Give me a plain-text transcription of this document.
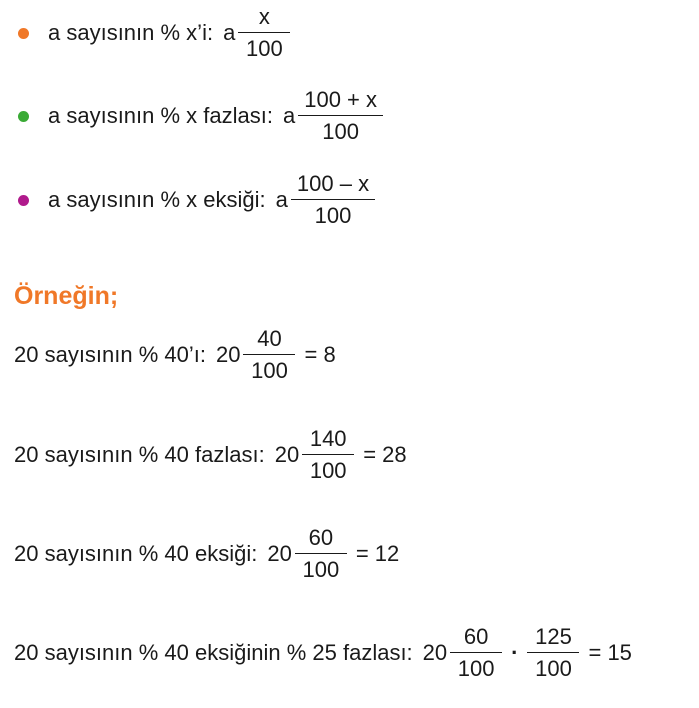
a sayısının % x’i: a $\frac{x}{100}$
a sayısının % x fazlası: a $\frac{100 + x}{100}$
a sayısının % x eksiği: a $\frac{100 - x}{100}$
Örneğin;
20 sayısının % 40’ı: $20 \frac{40}{100} = 8$
20 sayısının % 40 fazlası: $20 \frac{140}{100} = 28$
20 sayısının % 40 eksiği: $20 \frac{60}{100} = 12$
20 sayısının % 40 eksiğinin % 25 fazlası: $20 \frac{60}{100} \cdot \frac{125}{100} = 15$
